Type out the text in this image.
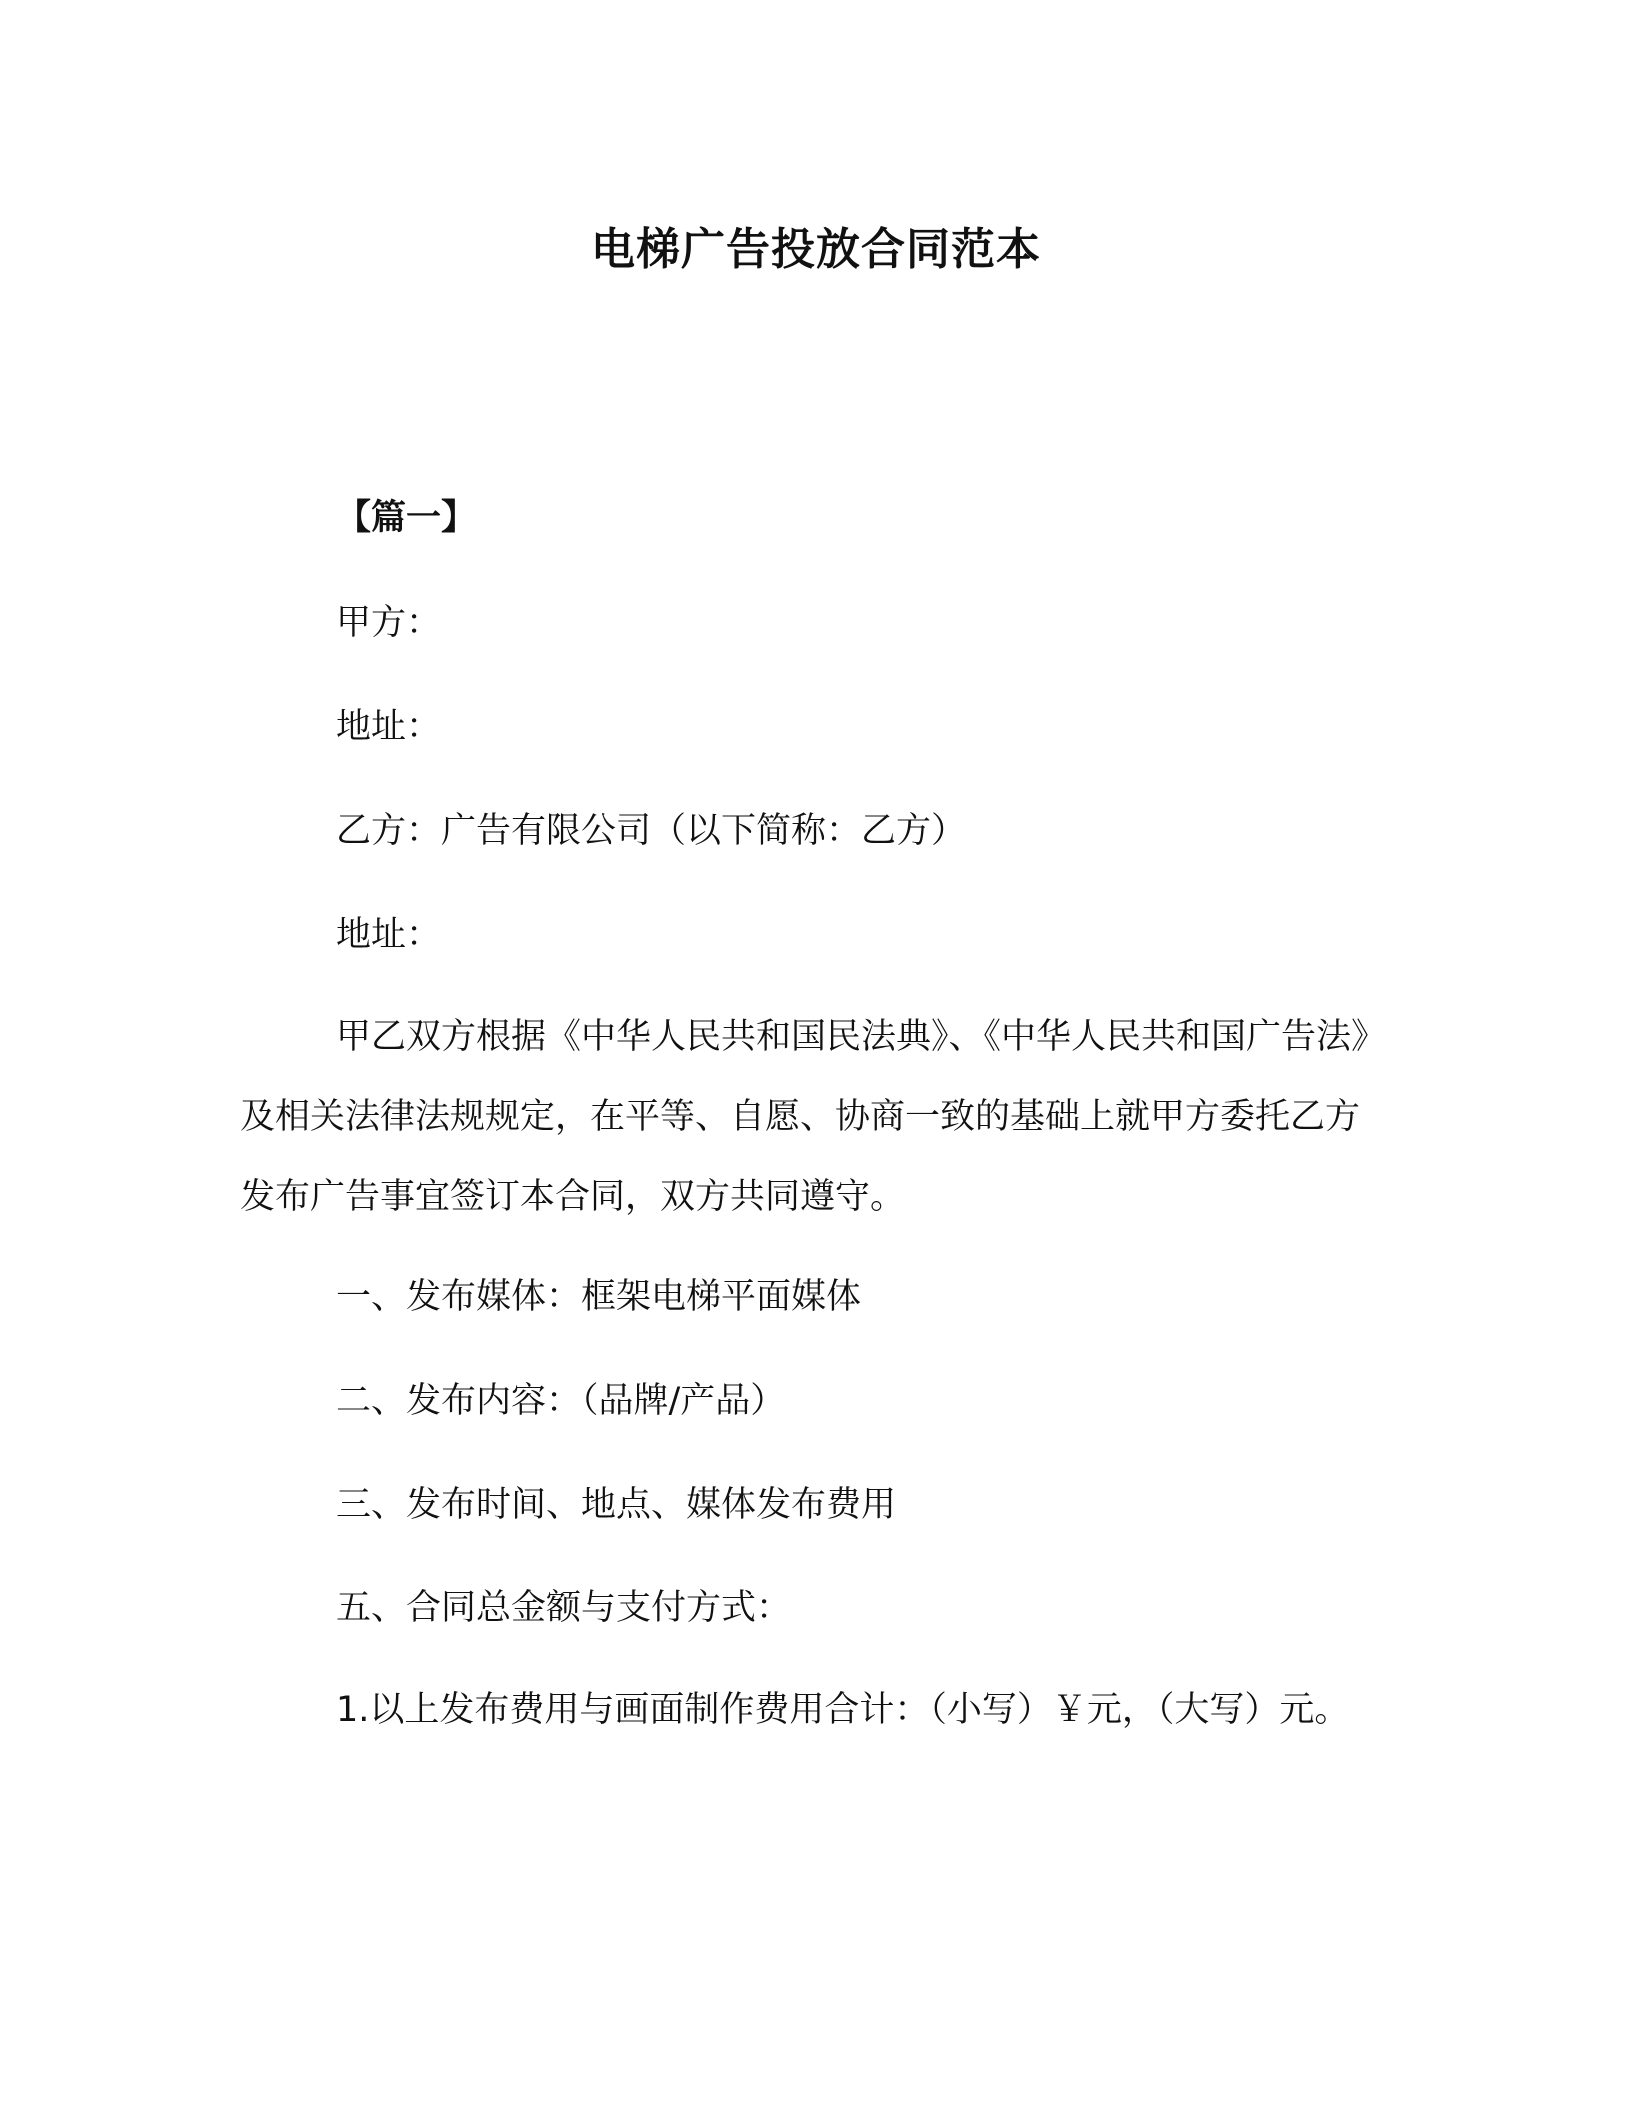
电梯广告投放合同范本
【篇一】
甲方：
地址：
乙方：广告有限公司（以下简称：乙方）
地址：

甲乙双方根据《中华人民共和国民法典》、《中华人民共和国广告法》及相关法律法规规定，在平等、自愿、协商一致的基础上就甲方委托乙方发布广告事宜签订本合同，双方共同遵守。

一、发布媒体：框架电梯平面媒体
二、发布内容：（品牌/产品）
三、发布时间、地点、媒体发布费用
五、合同总金额与支付方式：

1.以上发布费用与画面制作费用合计：（小写）￥元，（大写）元。
